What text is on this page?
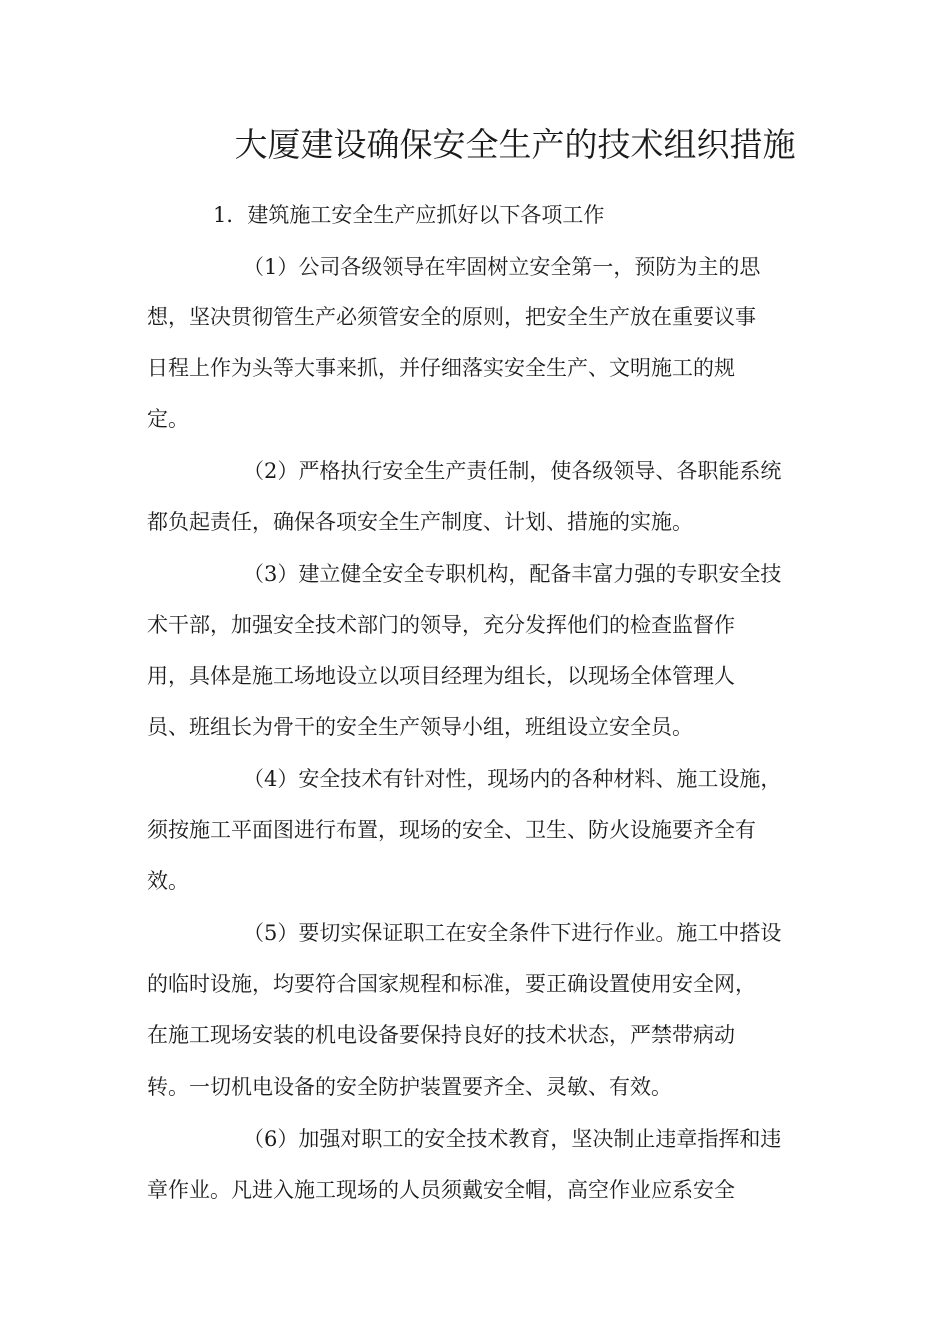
大厦建设确保安全生产的技术组织措施
1．建筑施工安全生产应抓好以下各项工作
（1）公司各级领导在牢固树立安全第一，预防为主的思
想，坚决贯彻管生产必须管安全的原则，把安全生产放在重要议事
日程上作为头等大事来抓，并仔细落实安全生产、文明施工的规
定。
（2）严格执行安全生产责任制，使各级领导、各职能系统
都负起责任，确保各项安全生产制度、计划、措施的实施。
（3）建立健全安全专职机构，配备丰富力强的专职安全技
术干部，加强安全技术部门的领导，充分发挥他们的检查监督作
用，具体是施工场地设立以项目经理为组长，以现场全体管理人
员、班组长为骨干的安全生产领导小组，班组设立安全员。
（4）安全技术有针对性，现场内的各种材料、施工设施，
须按施工平面图进行布置，现场的安全、卫生、防火设施要齐全有
效。
（5）要切实保证职工在安全条件下进行作业。施工中搭设
的临时设施，均要符合国家规程和标准，要正确设置使用安全网，
在施工现场安装的机电设备要保持良好的技术状态，严禁带病动
转。一切机电设备的安全防护装置要齐全、灵敏、有效。
（6）加强对职工的安全技术教育，坚决制止违章指挥和违
章作业。凡进入施工现场的人员须戴安全帽，高空作业应系安全
